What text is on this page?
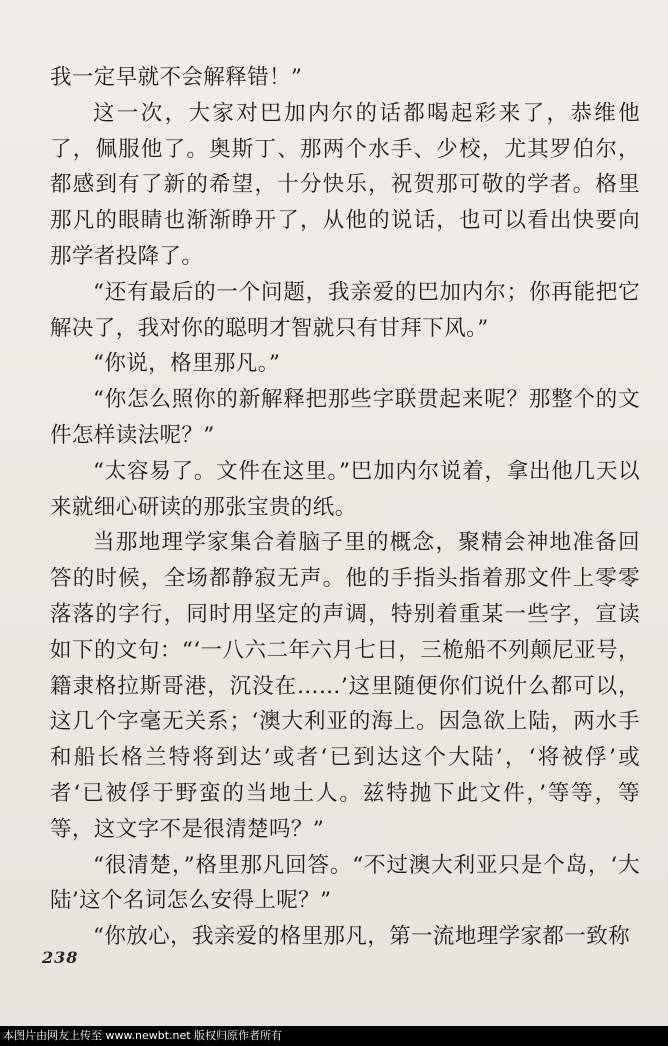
我一定早就不会解释错！”

这一次，大家对巴加内尔的话都喝起彩来了，恭维他了，佩服他了。奥斯丁、那两个水手、少校，尤其罗伯尔，都感到有了新的希望，十分快乐，祝贺那可敬的学者。格里那凡的眼睛也渐渐睁开了，从他的说话，也可以看出快要向那学者投降了。

“还有最后的一个问题，我亲爱的巴加内尔；你再能把它解决了，我对你的聪明才智就只有甘拜下风。”

“你说，格里那凡。”

“你怎么照你的新解释把那些字联贯起来呢？那整个的文件怎样读法呢？”

“太容易了。文件在这里。”巴加内尔说着，拿出他几天以来就细心研读的那张宝贵的纸。

当那地理学家集合着脑子里的概念，聚精会神地准备回答的时候，全场都静寂无声。他的手指头指着那文件上零零落落的字行，同时用坚定的声调，特别着重某一些字，宣读如下的文句：“‘一八六二年六月七日，三桅船不列颠尼亚号，籍隶格拉斯哥港，沉没在……’这里随便你们说什么都可以，这几个字毫无关系；‘澳大利亚的海上。因急欲上陆，两水手和船长格兰特将到达’或者‘已到达这个大陆’，‘将被俘’或者‘已被俘于野蛮的当地土人。兹特抛下此文件，’等等，等等，这文字不是很清楚吗？”

“很清楚，”格里那凡回答。“不过澳大利亚只是个岛，‘大陆’这个名词怎么安得上呢？”

“你放心，我亲爱的格里那凡，第一流地理学家都一致称

238
本图片由网友上传至 www.newbt.net 版权归原作者所有
